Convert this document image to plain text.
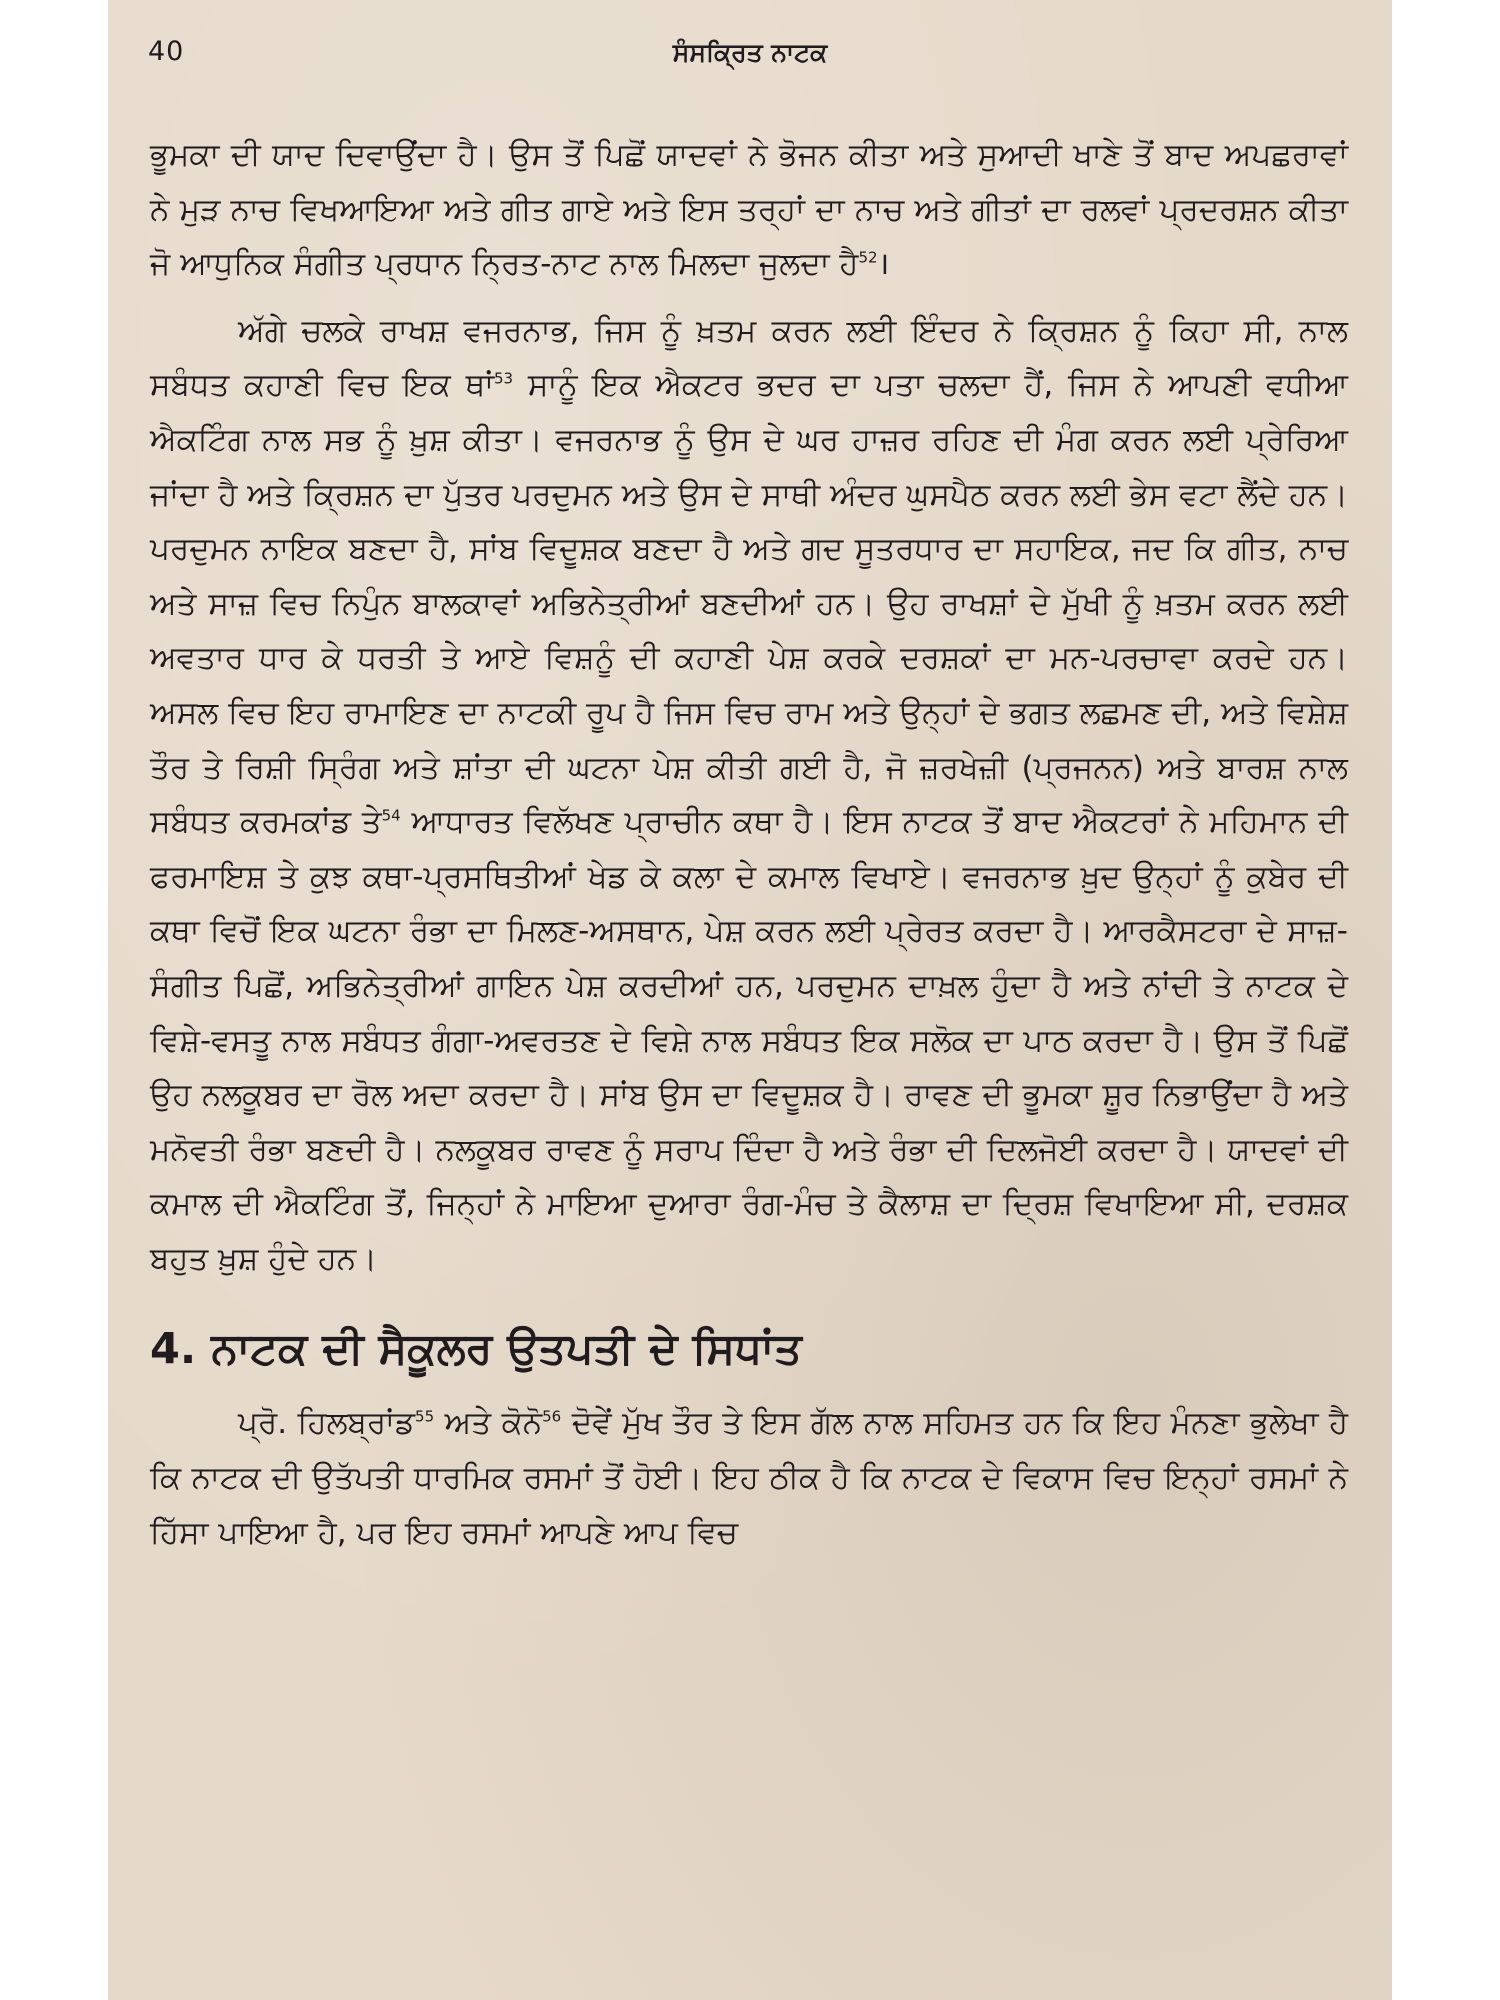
40	ਸੰਸਕ੍ਰਿਤ ਨਾਟਕ

ਭੂਮਕਾ ਦੀ ਯਾਦ ਦਿਵਾਉਂਦਾ ਹੈ। ਉਸ ਤੋਂ ਪਿਛੋਂ ਯਾਦਵਾਂ ਨੇ ਭੋਜਨ ਕੀਤਾ ਅਤੇ ਸੁਆਦੀ ਖਾਣੇ ਤੋਂ ਬਾਦ ਅਪਛਰਾਵਾਂ ਨੇ ਮੁੜ ਨਾਚ ਵਿਖਆਇਆ ਅਤੇ ਗੀਤ ਗਾਏ ਅਤੇ ਇਸ ਤਰ੍ਹਾਂ ਦਾ ਨਾਚ ਅਤੇ ਗੀਤਾਂ ਦਾ ਰਲਵਾਂ ਪ੍ਰਦਰਸ਼ਨ ਕੀਤਾ ਜੋ ਆਧੁਨਿਕ ਸੰਗੀਤ ਪ੍ਰਧਾਨ ਨ੍ਰਿਤ-ਨਾਟ ਨਾਲ ਮਿਲਦਾ ਜੁਲਦਾ ਹੈ$^{52}$।

ਅੱਗੇ ਚਲਕੇ ਰਾਖਸ਼ ਵਜਰਨਾਭ, ਜਿਸ ਨੂੰ ਖ਼ਤਮ ਕਰਨ ਲਈ ਇੰਦਰ ਨੇ ਕ੍ਰਿਸ਼ਨ ਨੂੰ ਕਿਹਾ ਸੀ, ਨਾਲ ਸਬੰਧਤ ਕਹਾਣੀ ਵਿਚ ਇਕ ਥਾਂ$^{53}$ ਸਾਨੂੰ ਇਕ ਐਕਟਰ ਭਦਰ ਦਾ ਪਤਾ ਚਲਦਾ ਹੈਂ, ਜਿਸ ਨੇ ਆਪਣੀ ਵਧੀਆ ਐਕਟਿੰਗ ਨਾਲ ਸਭ ਨੂੰ ਖ਼ੁਸ਼ ਕੀਤਾ। ਵਜਰਨਾਭ ਨੂੰ ਉਸ ਦੇ ਘਰ ਹਾਜ਼ਰ ਰਹਿਣ ਦੀ ਮੰਗ ਕਰਨ ਲਈ ਪ੍ਰੇਰਿਆ ਜਾਂਦਾ ਹੈ ਅਤੇ ਕ੍ਰਿਸ਼ਨ ਦਾ ਪੁੱਤਰ ਪਰਦੁਮਨ ਅਤੇ ਉਸ ਦੇ ਸਾਥੀ ਅੰਦਰ ਘੁਸਪੈਠ ਕਰਨ ਲਈ ਭੇਸ ਵਟਾ ਲੈਂਦੇ ਹਨ। ਪਰਦੁਮਨ ਨਾਇਕ ਬਣਦਾ ਹੈ, ਸਾਂਬ ਵਿਦੂਸ਼ਕ ਬਣਦਾ ਹੈ ਅਤੇ ਗਦ ਸੂਤਰਧਾਰ ਦਾ ਸਹਾਇਕ, ਜਦ ਕਿ ਗੀਤ, ਨਾਚ ਅਤੇ ਸਾਜ਼ ਵਿਚ ਨਿਪੁੰਨ ਬਾਲਕਾਵਾਂ ਅਭਿਨੇਤ੍ਰੀਆਂ ਬਣਦੀਆਂ ਹਨ। ਉਹ ਰਾਖਸ਼ਾਂ ਦੇ ਮੁੱਖੀ ਨੂੰ ਖ਼ਤਮ ਕਰਨ ਲਈ ਅਵਤਾਰ ਧਾਰ ਕੇ ਧਰਤੀ ਤੇ ਆਏ ਵਿਸ਼ਨੂੰ ਦੀ ਕਹਾਣੀ ਪੇਸ਼ ਕਰਕੇ ਦਰਸ਼ਕਾਂ ਦਾ ਮਨ-ਪਰਚਾਵਾ ਕਰਦੇ ਹਨ। ਅਸਲ ਵਿਚ ਇਹ ਰਾਮਾਇਣ ਦਾ ਨਾਟਕੀ ਰੂਪ ਹੈ ਜਿਸ ਵਿਚ ਰਾਮ ਅਤੇ ਉਨ੍ਹਾਂ ਦੇ ਭਗਤ ਲਛਮਣ ਦੀ, ਅਤੇ ਵਿਸ਼ੇਸ਼ ਤੌਰ ਤੇ ਰਿਸ਼ੀ ਸ੍ਰਿੰਗ ਅਤੇ ਸ਼ਾਂਤਾ ਦੀ ਘਟਨਾ ਪੇਸ਼ ਕੀਤੀ ਗਈ ਹੈ, ਜੋ ਜ਼ਰਖੇਜ਼ੀ (ਪ੍ਰਜਨਨ) ਅਤੇ ਬਾਰਸ਼ ਨਾਲ ਸਬੰਧਤ ਕਰਮਕਾਂਡ ਤੇ$^{54}$ ਆਧਾਰਤ ਵਿਲੱਖਣ ਪ੍ਰਾਚੀਨ ਕਥਾ ਹੈ। ਇਸ ਨਾਟਕ ਤੋਂ ਬਾਦ ਐਕਟਰਾਂ ਨੇ ਮਹਿਮਾਨ ਦੀ ਫਰਮਾਇਸ਼ ਤੇ ਕੁਝ ਕਥਾ-ਪ੍ਰਸਥਿਤੀਆਂ ਖੇਡ ਕੇ ਕਲਾ ਦੇ ਕਮਾਲ ਵਿਖਾਏ। ਵਜਰਨਾਭ ਖ਼ੁਦ ਉਨ੍ਹਾਂ ਨੂੰ ਕੁਬੇਰ ਦੀ ਕਥਾ ਵਿਚੋਂ ਇਕ ਘਟਨਾ ਰੰਭਾ ਦਾ ਮਿਲਣ-ਅਸਥਾਨ, ਪੇਸ਼ ਕਰਨ ਲਈ ਪ੍ਰੇਰਤ ਕਰਦਾ ਹੈ। ਆਰਕੈਸਟਰਾ ਦੇ ਸਾਜ਼-ਸੰਗੀਤ ਪਿਛੋਂ, ਅਭਿਨੇਤ੍ਰੀਆਂ ਗਾਇਨ ਪੇਸ਼ ਕਰਦੀਆਂ ਹਨ, ਪਰਦੁਮਨ ਦਾਖ਼ਲ ਹੁੰਦਾ ਹੈ ਅਤੇ ਨਾਂਦੀ ਤੇ ਨਾਟਕ ਦੇ ਵਿਸ਼ੇ-ਵਸਤੂ ਨਾਲ ਸਬੰਧਤ ਗੰਗਾ-ਅਵਰਤਣ ਦੇ ਵਿਸ਼ੇ ਨਾਲ ਸਬੰਧਤ ਇਕ ਸਲੋਕ ਦਾ ਪਾਠ ਕਰਦਾ ਹੈ। ਉਸ ਤੋਂ ਪਿਛੋਂ ਉਹ ਨਲਕੂਬਰ ਦਾ ਰੋਲ ਅਦਾ ਕਰਦਾ ਹੈ। ਸਾਂਬ ਉਸ ਦਾ ਵਿਦੂਸ਼ਕ ਹੈ। ਰਾਵਣ ਦੀ ਭੂਮਕਾ ਸ਼ੂਰ ਨਿਭਾਉਂਦਾ ਹੈ ਅਤੇ ਮਨੋਵਤੀ ਰੰਭਾ ਬਣਦੀ ਹੈ। ਨਲਕੂਬਰ ਰਾਵਣ ਨੂੰ ਸਰਾਪ ਦਿੰਦਾ ਹੈ ਅਤੇ ਰੰਭਾ ਦੀ ਦਿਲਜੋਈ ਕਰਦਾ ਹੈ। ਯਾਦਵਾਂ ਦੀ ਕਮਾਲ ਦੀ ਐਕਟਿੰਗ ਤੋਂ, ਜਿਨ੍ਹਾਂ ਨੇ ਮਾਇਆ ਦੁਆਰਾ ਰੰਗ-ਮੰਚ ਤੇ ਕੈਲਾਸ਼ ਦਾ ਦ੍ਰਿਸ਼ ਵਿਖਾਇਆ ਸੀ, ਦਰਸ਼ਕ ਬਹੁਤ ਖ਼ੁਸ਼ ਹੁੰਦੇ ਹਨ।

4. ਨਾਟਕ ਦੀ ਸੈਕੂਲਰ ਉਤਪਤੀ ਦੇ ਸਿਧਾਂਤ

ਪ੍ਰੋ. ਹਿਲਬ੍ਰਾਂਡ$^{55}$ ਅਤੇ ਕੋਨੋ$^{56}$ ਦੋਵੇਂ ਮੁੱਖ ਤੌਰ ਤੇ ਇਸ ਗੱਲ ਨਾਲ ਸਹਿਮਤ ਹਨ ਕਿ ਇਹ ਮੰਨਣਾ ਭੁਲੇਖਾ ਹੈ ਕਿ ਨਾਟਕ ਦੀ ਉਤੱਪਤੀ ਧਾਰਮਿਕ ਰਸਮਾਂ ਤੋਂ ਹੋਈ। ਇਹ ਠੀਕ ਹੈ ਕਿ ਨਾਟਕ ਦੇ ਵਿਕਾਸ ਵਿਚ ਇਨ੍ਹਾਂ ਰਸਮਾਂ ਨੇ ਹਿੱਸਾ ਪਾਇਆ ਹੈ, ਪਰ ਇਹ ਰਸਮਾਂ ਆਪਣੇ ਆਪ ਵਿਚ
